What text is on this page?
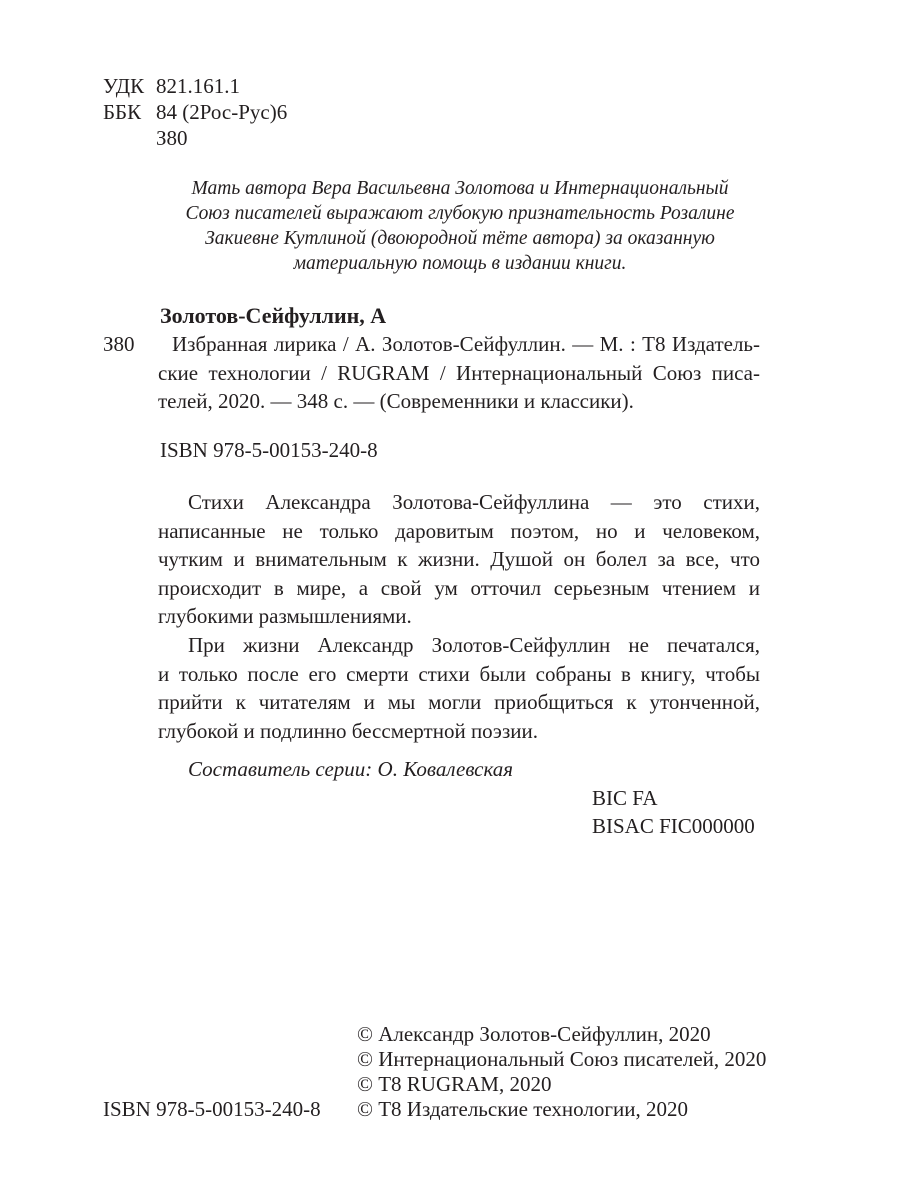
УДК 821.161.1
ББК 84 (2Рос-Рус)6
З80
Мать автора Вера Васильевна Золотова и Интернациональный
Союз писателей выражают глубокую признательность Розалине
Закиевне Кутлиной (двоюродной тёте автора) за оказанную
материальную помощь в издании книги.
Золотов-Сейфуллин, А
З80	Избранная лирика / А. Золотов-Сейфуллин. — М. : Т8 Издатель-
ские технологии / RUGRAM / Интернациональный Союз писа-
телей, 2020. — 348 с. — (Современники и классики).
ISBN 978-5-00153-240-8
Стихи Александра Золотова-Сейфуллина — это стихи,
написанные не только даровитым поэтом, но и человеком,
чутким и внимательным к жизни. Душой он болел за все, что
происходит в мире, а свой ум отточил серьезным чтением и
глубокими размышлениями.
При жизни Александр Золотов-Сейфуллин не печатался,
и только после его смерти стихи были собраны в книгу, чтобы
прийти к читателям и мы могли приобщиться к утонченной,
глубокой и подлинно бессмертной поэзии.
Составитель серии: О. Ковалевская
BIC FA
BISAC FIC000000
© Александр Золотов-Сейфуллин, 2020
© Интернациональный Союз писателей, 2020
© Т8 RUGRAM, 2020
© Т8 Издательские технологии, 2020
ISBN 978-5-00153-240-8
